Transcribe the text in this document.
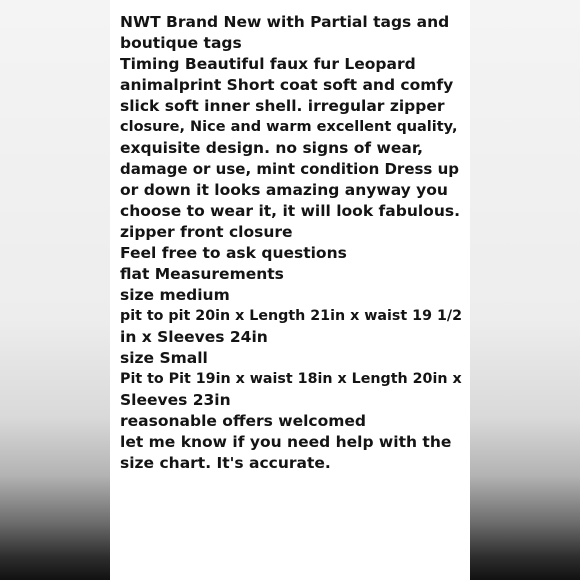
NWT Brand New with Partial tags and
boutique tags
Timing Beautiful faux fur Leopard
animalprint Short coat soft and comfy
slick soft inner shell. irregular zipper
closure, Nice and warm excellent quality,
exquisite design. no signs of wear,
damage or use, mint condition Dress up
or down it looks amazing anyway you
choose to wear it, it will look fabulous.
zipper front closure
Feel free to ask questions
flat Measurements
size medium
pit to pit 20in x Length 21in x waist 19 1/2
in x Sleeves 24in
size Small
Pit to Pit 19in x waist 18in x Length 20in x
Sleeves 23in
reasonable offers welcomed
let me know if you need help with the
size chart. It's accurate.
